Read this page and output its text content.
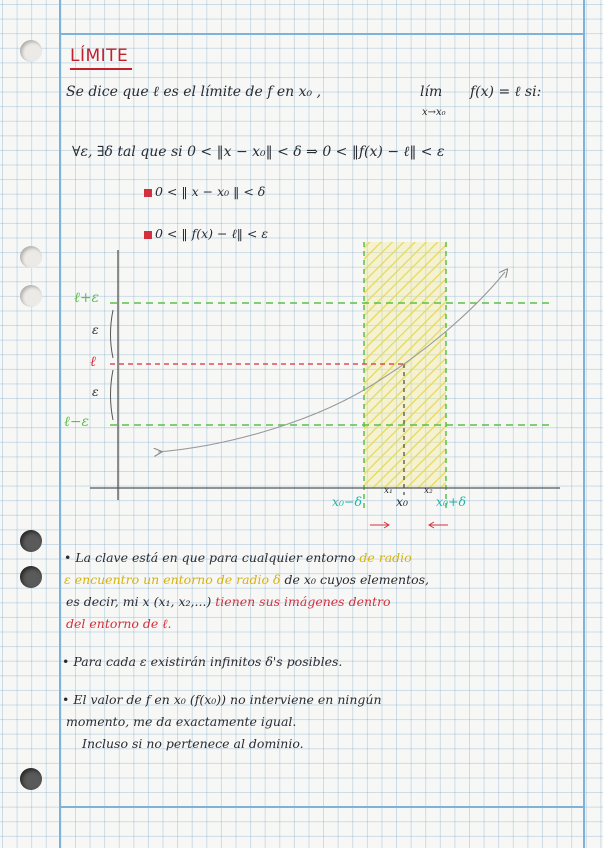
LÍMITE
Se dice que ℓ es el límite de f en x₀ ,	lím
x→x₀
f(x) = ℓ si:
∀ε, ∃δ tal que si 0 < ‖x − x₀‖ < δ ⇒ 0 < ‖f(x) − ℓ‖ < ε
0 < ‖ x − x₀ ‖ < δ
0 < ‖ f(x) − ℓ‖ < ε
ℓ+ε
ε
ℓ
ε
ℓ−ε
x₀−δ
x₁
x₀
x₂
x₀+δ
• La clave está en que para cualquier entorno de radio
ε encuentro un entorno de radio δ de x₀ cuyos elementos,
es decir, mi x (x₁, x₂,...) tienen sus imágenes dentro
del entorno de ℓ.
• Para cada ε existirán infinitos δ's posibles.
• El valor de f en x₀ (f(x₀)) no interviene en ningún
momento, me da exactamente igual.
Incluso si no pertenece al dominio.
